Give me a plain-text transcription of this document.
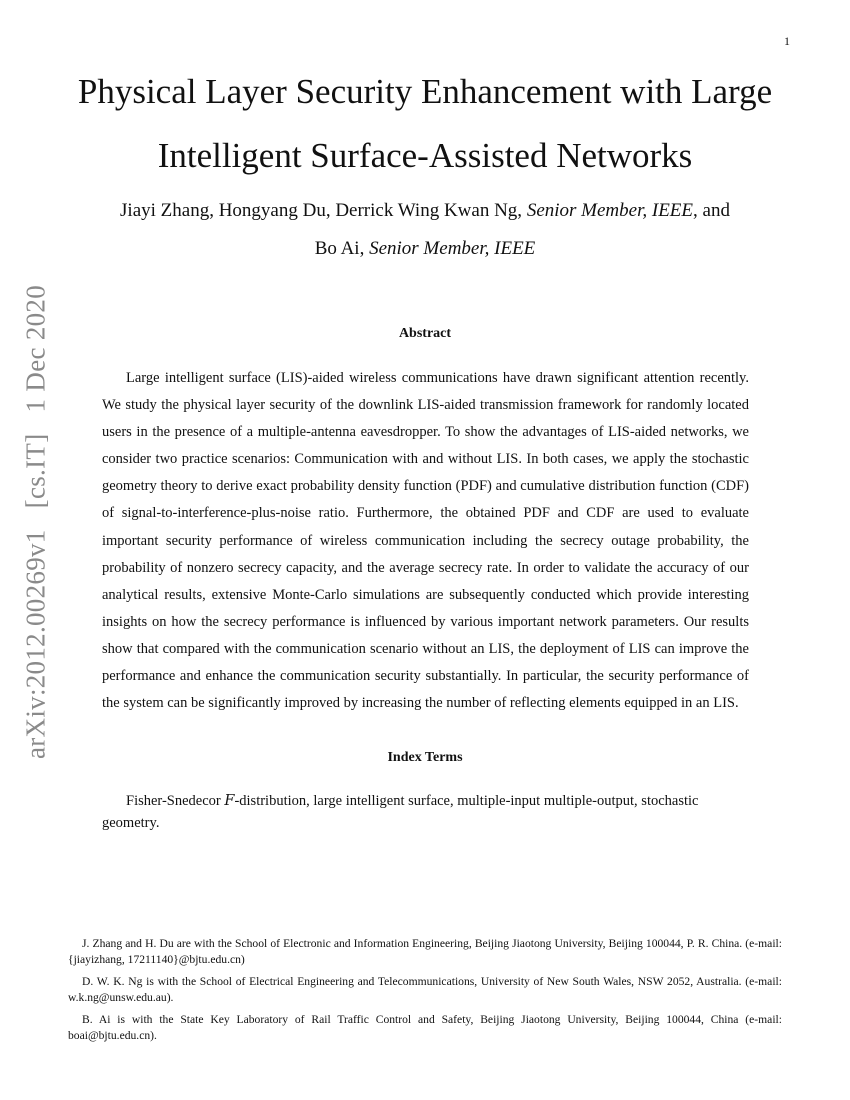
1
arXiv:2012.00269v1 [cs.IT] 1 Dec 2020
Physical Layer Security Enhancement with Large
Intelligent Surface-Assisted Networks
Jiayi Zhang, Hongyang Du, Derrick Wing Kwan Ng, Senior Member, IEEE, and
Bo Ai, Senior Member, IEEE
Abstract

Large intelligent surface (LIS)-aided wireless communications have drawn significant attention recently. We study the physical layer security of the downlink LIS-aided transmission framework for randomly located users in the presence of a multiple-antenna eavesdropper. To show the advantages of LIS-aided networks, we consider two practice scenarios: Communication with and without LIS. In both cases, we apply the stochastic geometry theory to derive exact probability density function (PDF) and cumulative distribution function (CDF) of signal-to-interference-plus-noise ratio. Furthermore, the obtained PDF and CDF are used to evaluate important security performance of wireless communication including the secrecy outage probability, the probability of nonzero secrecy capacity, and the average secrecy rate. In order to validate the accuracy of our analytical results, extensive Monte-Carlo simulations are subsequently conducted which provide interesting insights on how the secrecy performance is influenced by various important network parameters. Our results show that compared with the communication scenario without an LIS, the deployment of LIS can improve the performance and enhance the communication security substantially. In particular, the security performance of the system can be significantly improved by increasing the number of reflecting elements equipped in an LIS.

Index Terms

Fisher-Snedecor F-distribution, large intelligent surface, multiple-input multiple-output, stochastic geometry.

J. Zhang and H. Du are with the School of Electronic and Information Engineering, Beijing Jiaotong University, Beijing 100044, P. R. China. (e-mail: {jiayizhang, 17211140}@bjtu.edu.cn)

D. W. K. Ng is with the School of Electrical Engineering and Telecommunications, University of New South Wales, NSW 2052, Australia. (e-mail: w.k.ng@unsw.edu.au).

B. Ai is with the State Key Laboratory of Rail Traffic Control and Safety, Beijing Jiaotong University, Beijing 100044, China (e-mail: boai@bjtu.edu.cn).
